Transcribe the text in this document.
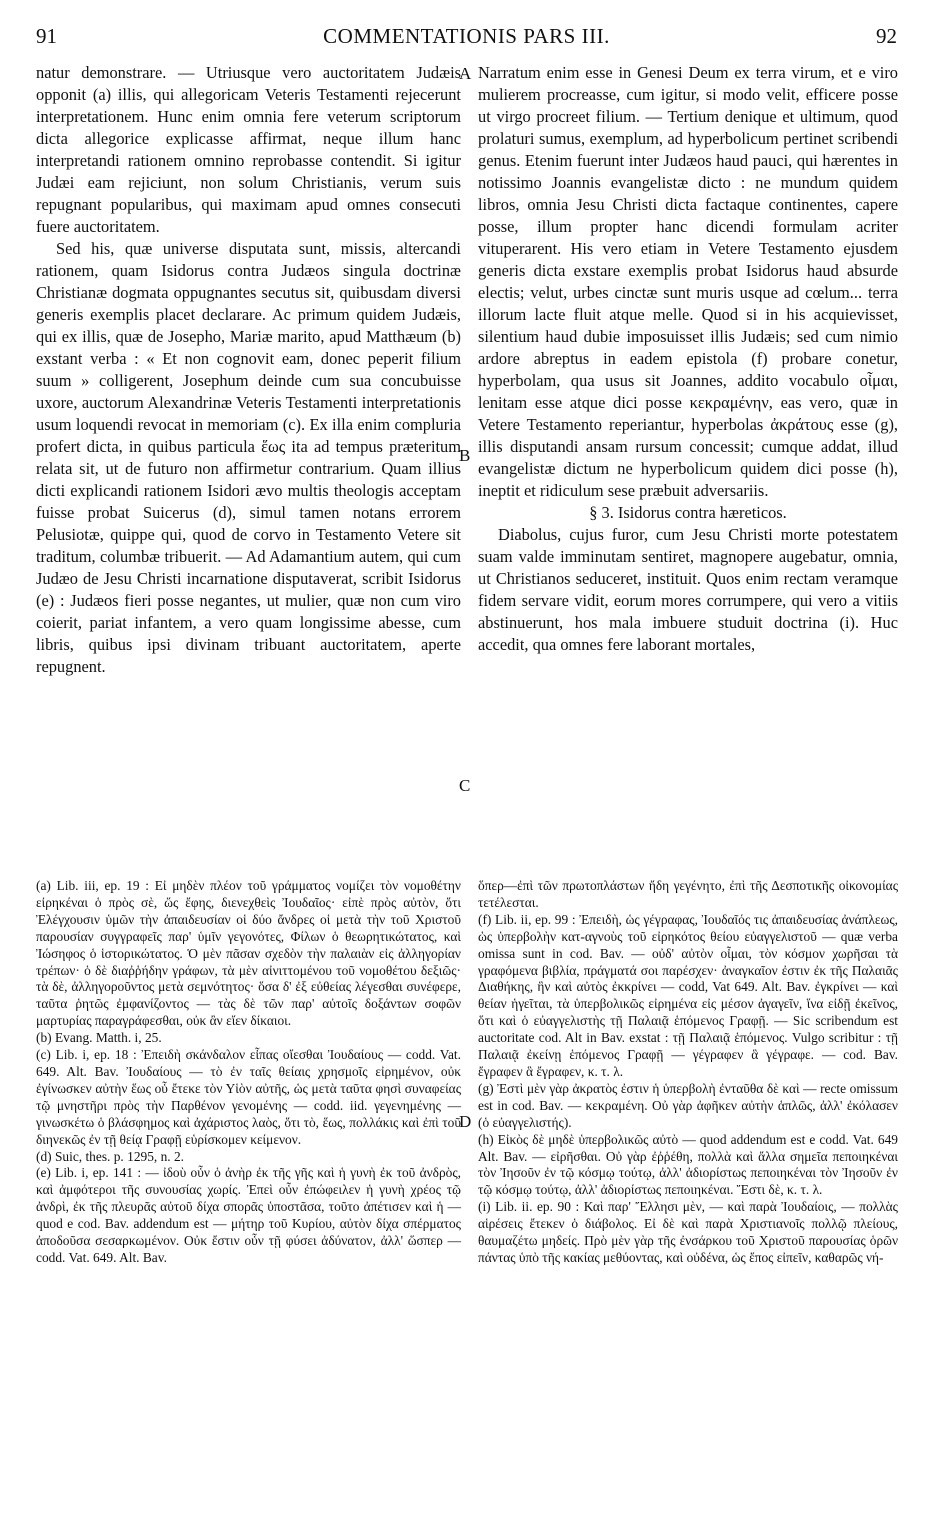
91	COMMENTATIONIS PARS III.	92

natur demonstrare. — Utriusque vero auctoritatem Judæis opponit (a) illis, qui allegoricam Veteris Testamenti rejecerunt interpretationem. Hunc enim omnia fere veterum scriptorum dicta allegorice explicasse affirmat, neque illum hanc interpretandi rationem omnino reprobasse contendit. Si igitur Judæi eam rejiciunt, non solum Christianis, verum suis repugnant popularibus, qui maximam apud omnes consecuti fuere auctoritatem.

Sed his, quæ universe disputata sunt, missis, altercandi rationem, quam Isidorus contra Judæos singula doctrinæ Christianæ dogmata oppugnantes secutus sit, quibusdam diversi generis exemplis placet declarare. Ac primum quidem Judæis, qui ex illis, quæ de Josepho, Mariæ marito, apud Matthæum (b) exstant verba : « Et non cognovit eam, donec peperit filium suum » colligerent, Josephum deinde cum sua concubuisse uxore, auctorum Alexandrinæ Veteris Testamenti interpretationis usum loquendi revocat in memoriam (c). Ex illa enim compluria profert dicta, in quibus particula ἕως ita ad tempus præteritum relata sit, ut de futuro non affirmetur contrarium. Quam illius dicti explicandi rationem Isidori ævo multis theologis acceptam fuisse probat Suicerus (d), simul tamen notans errorem Pelusiotæ, quippe qui, quod de corvo in Testamento Vetere sit traditum, columbæ tribuerit. — Ad Adamantium autem, qui cum Judæo de Jesu Christi incarnatione disputaverat, scribit Isidorus (e) : Judæos fieri posse negantes, ut mulier, quæ non cum viro coierit, pariat infantem, a vero quam longissime abesse, cum libris, quibus ipsi divinam tribuant auctoritatem, aperte repugnent.

A
B
C
D

Narratum enim esse in Genesi Deum ex terra virum, et e viro mulierem procreasse, cum igitur, si modo velit, efficere posse ut virgo procreet filium. — Tertium denique et ultimum, quod prolaturi sumus, exemplum, ad hyperbolicum pertinet scribendi genus. Etenim fuerunt inter Judæos haud pauci, qui hærentes in notissimo Joannis evangelistæ dicto : ne mundum quidem libros, omnia Jesu Christi dicta factaque continentes, capere posse, illum propter hanc dicendi formulam acriter vituperarent. His vero etiam in Vetere Testamento ejusdem generis dicta exstare exemplis probat Isidorus haud absurde electis; velut, urbes cinctæ sunt muris usque ad cœlum... terra illorum lacte fluit atque melle. Quod si in his acquievisset, silentium haud dubie imposuisset illis Judæis; sed cum nimio ardore abreptus in eadem epistola (f) probare conetur, hyperbolam, qua usus sit Joannes, addito vocabulo οἶμαι, lenitam esse atque dici posse κεκραμένην, eas vero, quæ in Vetere Testamento reperiantur, hyperbolas ἀκράτους esse (g), illis disputandi ansam rursum concessit; cumque addat, illud evangelistæ dictum ne hyperbolicum quidem dici posse (h), ineptit et ridiculum sese præbuit adversariis.

§ 3. Isidorus contra hæreticos.

Diabolus, cujus furor, cum Jesu Christi morte potestatem suam valde imminutam sentiret, magnopere augebatur, omnia, ut Christianos seduceret, instituit. Quos enim rectam veramque fidem servare vidit, eorum mores corrumpere, qui vero a vitiis abstinuerunt, hos mala imbuere studuit doctrina (i). Huc accedit, qua omnes fere laborant mortales,

(a) Lib. iii, ep. 19 : Εἰ μηδὲν πλέον τοῦ γράμματος νομίζει τὸν νομοθέτην εἰρηκέναι ὁ πρὸς σὲ, ὥς ἔφης, διενεχθεὶς Ἰουδαῖος· εἰπὲ πρὸς αὐτὸν, ὅτι Ἐλέγχουσιν ὑμῶν τὴν ἀπαιδευσίαν οἱ δύο ἄνδρες οἱ μετὰ τὴν τοῦ Χριστοῦ παρουσίαν συγγραφεῖς παρ' ὑμῖν γεγονότες, Φίλων ὁ θεωρητικώτατος, καὶ Ἰώσηφος ὁ ἱστορικώτατος. Ὁ μὲν πᾶσαν σχεδὸν τὴν παλαιὰν εἰς ἀλληγορίαν τρέπων· ὁ δὲ διαῤῥήδην γράφων, τὰ μὲν αἰνιττομένου τοῦ νομοθέτου δεξιῶς· τὰ δὲ, ἀλληγοροῦντος μετὰ σεμνότητος· ὅσα δ' ἐξ εὐθείας λέγεσθαι συνέφερε, ταῦτα ῥητῶς ἐμφανίζοντος — τὰς δὲ τῶν παρ' αὐτοῖς δοξάντων σοφῶν μαρτυρίας παραγράφεσθαι, οὐκ ἂν εἴεν δίκαιοι.

(b) Evang. Matth. i, 25.

(c) Lib. i, ep. 18 : Ἐπειδὴ σκάνδαλον εἶπας οἴεσθαι Ἰουδαίους — codd. Vat. 649. Alt. Bav. Ἰουδαίους — τὸ ἐν ταῖς θείαις χρησμοῖς εἰρημένον, οὐκ ἐγίνωσκεν αὐτὴν ἕως οὗ ἔτεκε τὸν Υἱὸν αὐτῆς, ὡς μετὰ ταῦτα φησὶ συναφείας τῷ μνηστῆρι πρὸς τὴν Παρθένον γενομένης — codd. iid. γεγενημένης — γινωσκέτω ὁ βλάσφημος καὶ ἀχάριστος λαὸς, ὅτι τὸ, ἕως, πολλάκις καὶ ἐπὶ τοῦ διηνεκῶς ἐν τῇ θείᾳ Γραφῇ εὑρίσκομεν κείμενον.

(d) Suic, thes. p. 1295, n. 2.

(e) Lib. i, ep. 141 : — ἰδοὺ οὖν ὁ ἀνὴρ ἐκ τῆς γῆς καὶ ἡ γυνὴ ἐκ τοῦ ἀνδρὸς, καὶ ἀμφότεροι τῆς συνουσίας χωρίς. Ἐπεὶ οὖν ἐπώφειλεν ἡ γυνὴ χρέος τῷ ἀνδρὶ, ἐκ τῆς πλευρᾶς αὐτοῦ δίχα σπορᾶς ὑποστᾶσα, τοῦτο ἀπέτισεν καὶ ἡ — quod e cod. Bav. addendum est — μήτηρ τοῦ Κυρίου, αὐτὸν δίχα σπέρματος ἀποδοῦσα σεσαρκωμένον. Οὐκ ἔστιν οὖν τῇ φύσει ἀδύνατον, ἀλλ' ὥσπερ — codd. Vat. 649. Alt. Bav.

ὅπερ—ἐπὶ τῶν πρωτοπλάστων ἤδη γεγένητο, ἐπὶ τῆς Δεσποτικῆς οἰκονομίας τετέλεσται.

(f) Lib. ii, ep. 99 : Ἐπειδὴ, ὡς γέγραφας, Ἰουδαῖός τις ἀπαιδευσίας ἀνάπλεως, ὡς ὑπερβολὴν κατ-αγνοὺς τοῦ εἰρηκότος θείου εὐαγγελιστοῦ — quæ verba omissa sunt in cod. Bav. — οὐδ' αὐτὸν οἶμαι, τὸν κόσμον χωρῆσαι τὰ γραφόμενα βιβλία, πράγματά σοι παρέσχεν· ἀναγκαῖον ἐστιν ἐκ τῆς Παλαιᾶς Διαθήκης, ἣν καὶ αὐτὸς ἐκκρίνει — codd, Vat 649. Alt. Bav. ἐγκρίνει — καὶ θείαν ἡγεῖται, τὰ ὑπερβολικῶς εἰρημένα εἰς μέσον ἀγαγεῖν, ἵνα εἰδῇ ἐκεῖνος, ὅτι καὶ ὁ εὐαγγελιστὴς τῇ Παλαιᾷ ἑπόμενος Γραφῇ. — Sic scribendum est auctoritate cod. Alt in Bav. exstat : τῇ Παλαιᾷ ἑπόμενος. Vulgo scribitur : τῇ Παλαιᾷ ἐκείνῃ ἑπόμενος Γραφῇ — γέγραφεν ἃ γέγραφε. — cod. Bav. ἔγραφεν ἃ ἔγραφεν, κ. τ. λ.

(g) Ἐστὶ μὲν γὰρ ἀκρατὸς ἐστιν ἡ ὑπερβολὴ ἐνταῦθα δὲ καὶ — recte omissum est in cod. Bav. — κεκραμένη. Οὐ γὰρ ἀφῆκεν αὐτὴν ἁπλῶς, ἀλλ' ἐκόλασεν (ὁ εὐαγγελιστής).

(h) Εἰκὸς δὲ μηδὲ ὑπερβολικῶς αὐτὸ — quod addendum est e codd. Vat. 649 Alt. Bav. — εἰρῆσθαι. Οὐ γὰρ ἐῤῥέθη, πολλὰ καὶ ἄλλα σημεῖα πεποιηκέναι τὸν Ἰησοῦν ἐν τῷ κόσμῳ τούτῳ, ἀλλ' ἀδιορίστως πεποιηκέναι τὸν Ἰησοῦν ἐν τῷ κόσμῳ τούτῳ, ἀλλ' ἀδιορίστως πεποιηκέναι. Ἔστι δὲ, κ. τ. λ.

(i) Lib. ii. ep. 90 : Καὶ παρ' Ἕλλησι μὲν, — καὶ παρὰ Ἰουδαίοις, — πολλὰς αἱρέσεις ἔτεκεν ὁ διάβολος. Εἰ δὲ καὶ παρὰ Χριστιανοῖς πολλῷ πλείους, θαυμαζέτω μηδείς. Πρὸ μὲν γὰρ τῆς ἐνσάρκου τοῦ Χριστοῦ παρουσίας ὁρῶν πάντας ὑπὸ τῆς κακίας μεθύοντας, καὶ οὐδένα, ὡς ἔπος εἰπεῖν, καθαρῶς νή-
